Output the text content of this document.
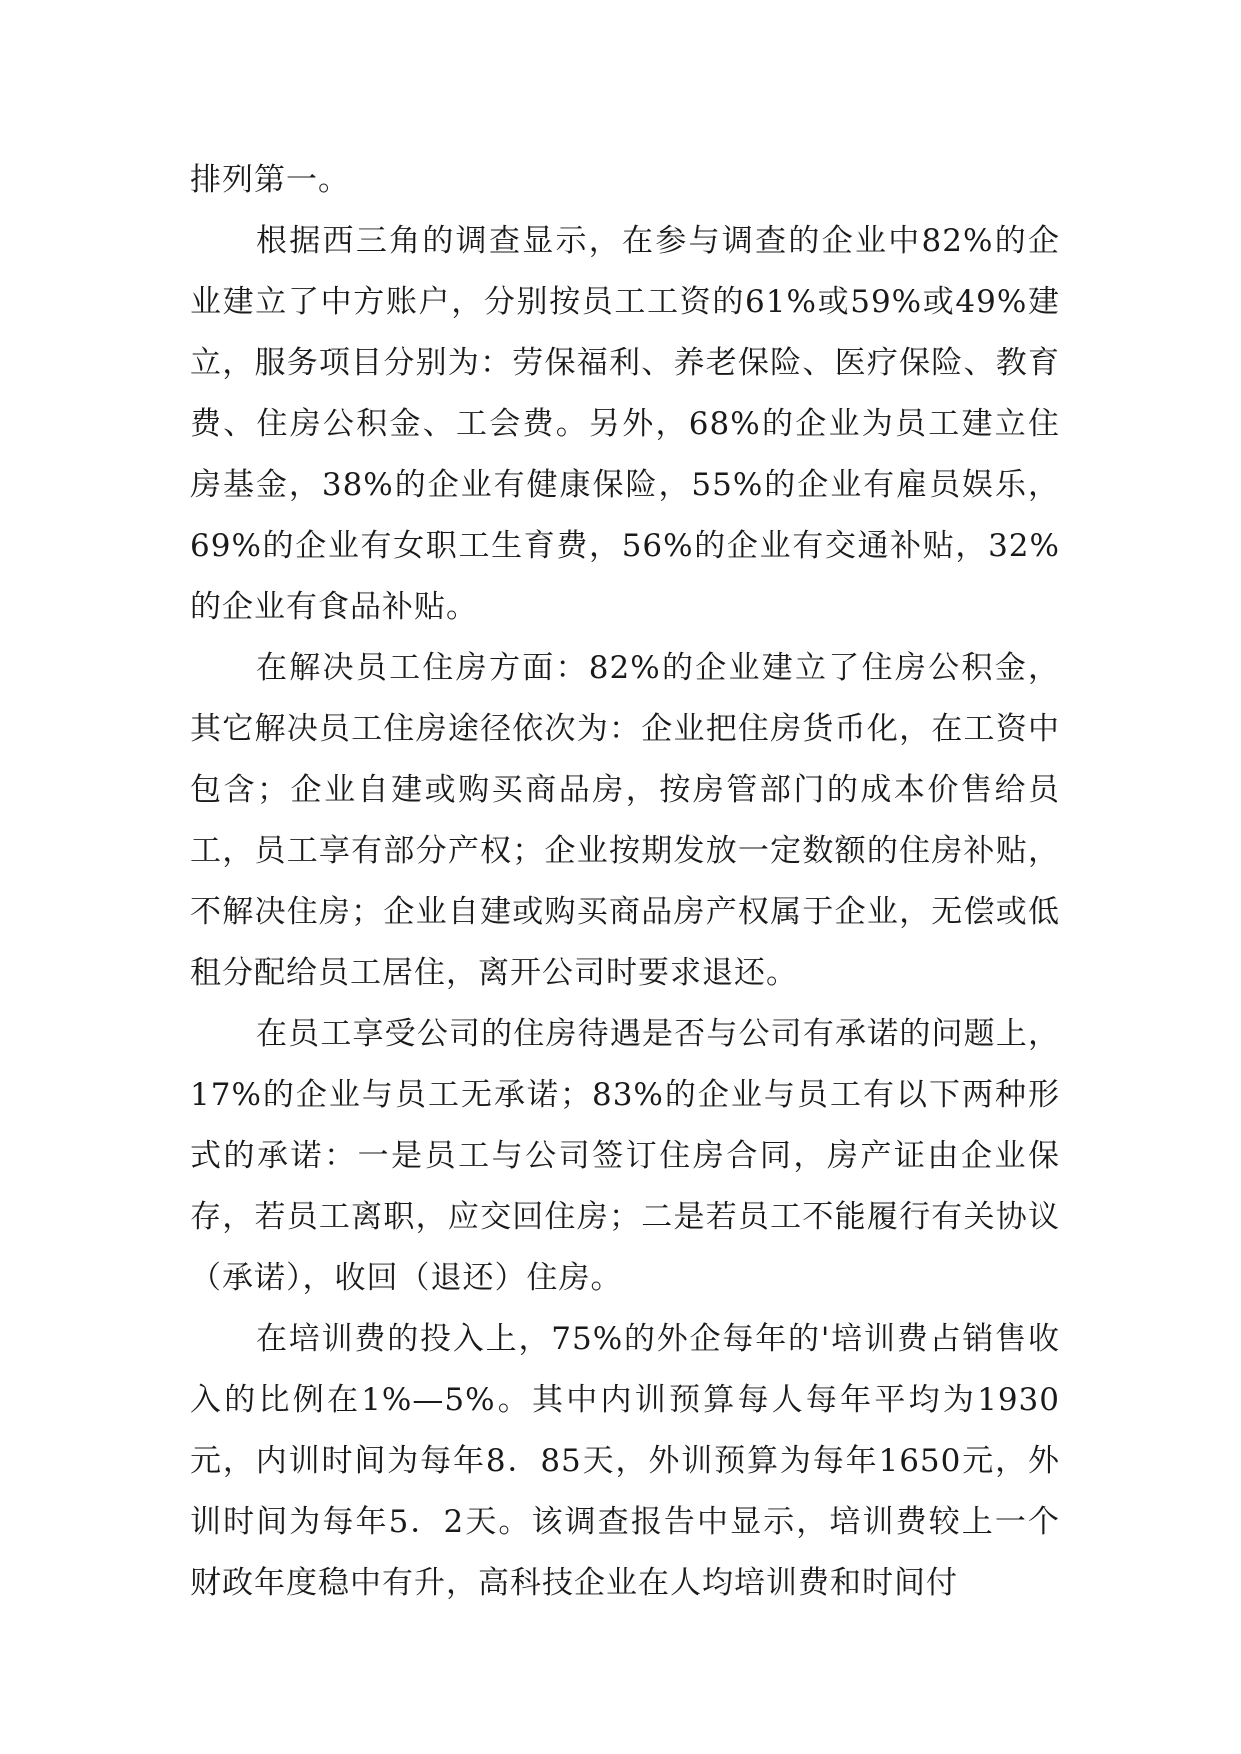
排列第一。

根据西三角的调查显示，在参与调查的企业中82%的企业建立了中方账户，分别按员工工资的61%或59%或49%建立，服务项目分别为：劳保福利、养老保险、医疗保险、教育费、住房公积金、工会费。另外，68%的企业为员工建立住房基金，38%的企业有健康保险，55%的企业有雇员娱乐，69%的企业有女职工生育费，56%的企业有交通补贴，32%的企业有食品补贴。

在解决员工住房方面：82%的企业建立了住房公积金，其它解决员工住房途径依次为：企业把住房货币化，在工资中包含；企业自建或购买商品房，按房管部门的成本价售给员工，员工享有部分产权；企业按期发放一定数额的住房补贴，不解决住房；企业自建或购买商品房产权属于企业，无偿或低租分配给员工居住，离开公司时要求退还。

在员工享受公司的住房待遇是否与公司有承诺的问题上，17%的企业与员工无承诺；83%的企业与员工有以下两种形式的承诺：一是员工与公司签订住房合同，房产证由企业保存，若员工离职，应交回住房；二是若员工不能履行有关协议（承诺），收回（退还）住房。

在培训费的投入上，75%的外企每年的'培训费占销售收入的比例在1%—5%。其中内训预算每人每年平均为1930元，内训时间为每年8．85天，外训预算为每年1650元，外训时间为每年5．2天。该调查报告中显示，培训费较上一个财政年度稳中有升，高科技企业在人均培训费和时间付
